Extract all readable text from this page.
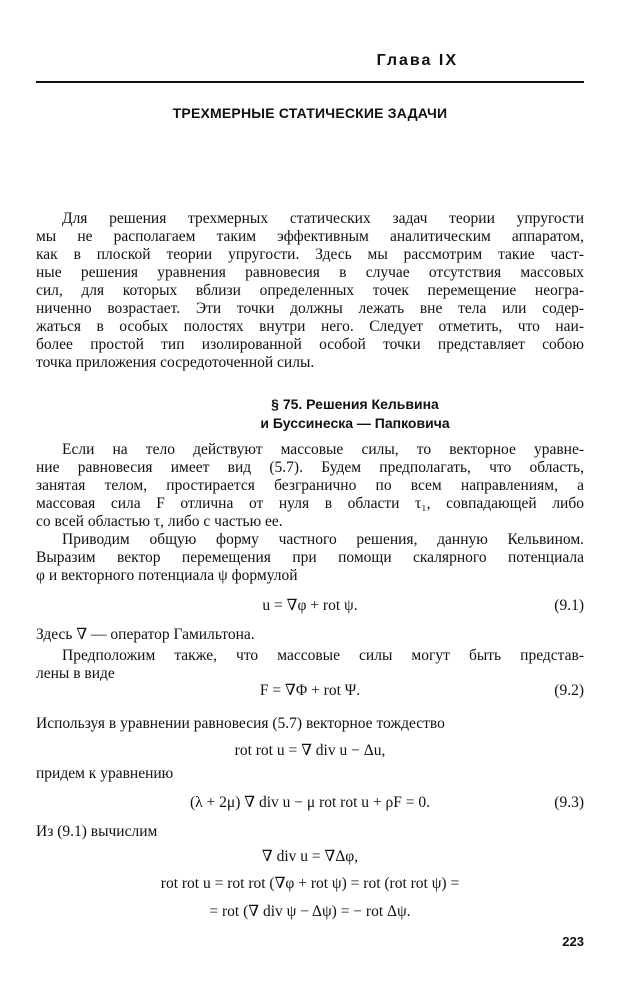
Глава IX
ТРЕХМЕРНЫЕ СТАТИЧЕСКИЕ ЗАДАЧИ
Для решения трехмерных статических задач теории упругости
мы не располагаем таким эффективным аналитическим аппаратом,
как в плоской теории упругости. Здесь мы рассмотрим такие част-
ные решения уравнения равновесия в случае отсутствия массовых
сил, для которых вблизи определенных точек перемещение неогра-
ниченно возрастает. Эти точки должны лежать вне тела или содер-
жаться в особых полостях внутри него. Следует отметить, что наи-
более простой тип изолированной особой точки представляет собою
точка приложения сосредоточенной силы.
§ 75. Решения Кельвина
и Буссинеска — Папковича
Если на тело действуют массовые силы, то векторное уравне-
ние равновесия имеет вид (5.7). Будем предполагать, что область,
занятая телом, простирается безгранично по всем направлениям, а
массовая сила F отлична от нуля в области τ₁, совпадающей либо
со всей областью τ, либо с частью ее.
Приводим общую форму частного решения, данную Кельвином.
Выразим вектор перемещения при помощи скалярного потенциала
φ и векторного потенциала ψ формулой
u = ∇φ + rot ψ.	(9.1)
Здесь ∇ — оператор Гамильтона.
Предположим также, что массовые силы могут быть представ-
лены в виде
F = ∇Φ + rot Ψ.	(9.2)
Используя в уравнении равновесия (5.7) векторное тождество
rot rot u = ∇ div u − Δu,
придем к уравнению
(λ + 2μ) ∇ div u − μ rot rot u + ρF = 0.	(9.3)
Из (9.1) вычислим
∇ div u = ∇Δφ,
rot rot u = rot rot (∇φ + rot ψ) = rot (rot rot ψ) =
= rot (∇ div ψ − Δψ) = − rot Δψ.
223
